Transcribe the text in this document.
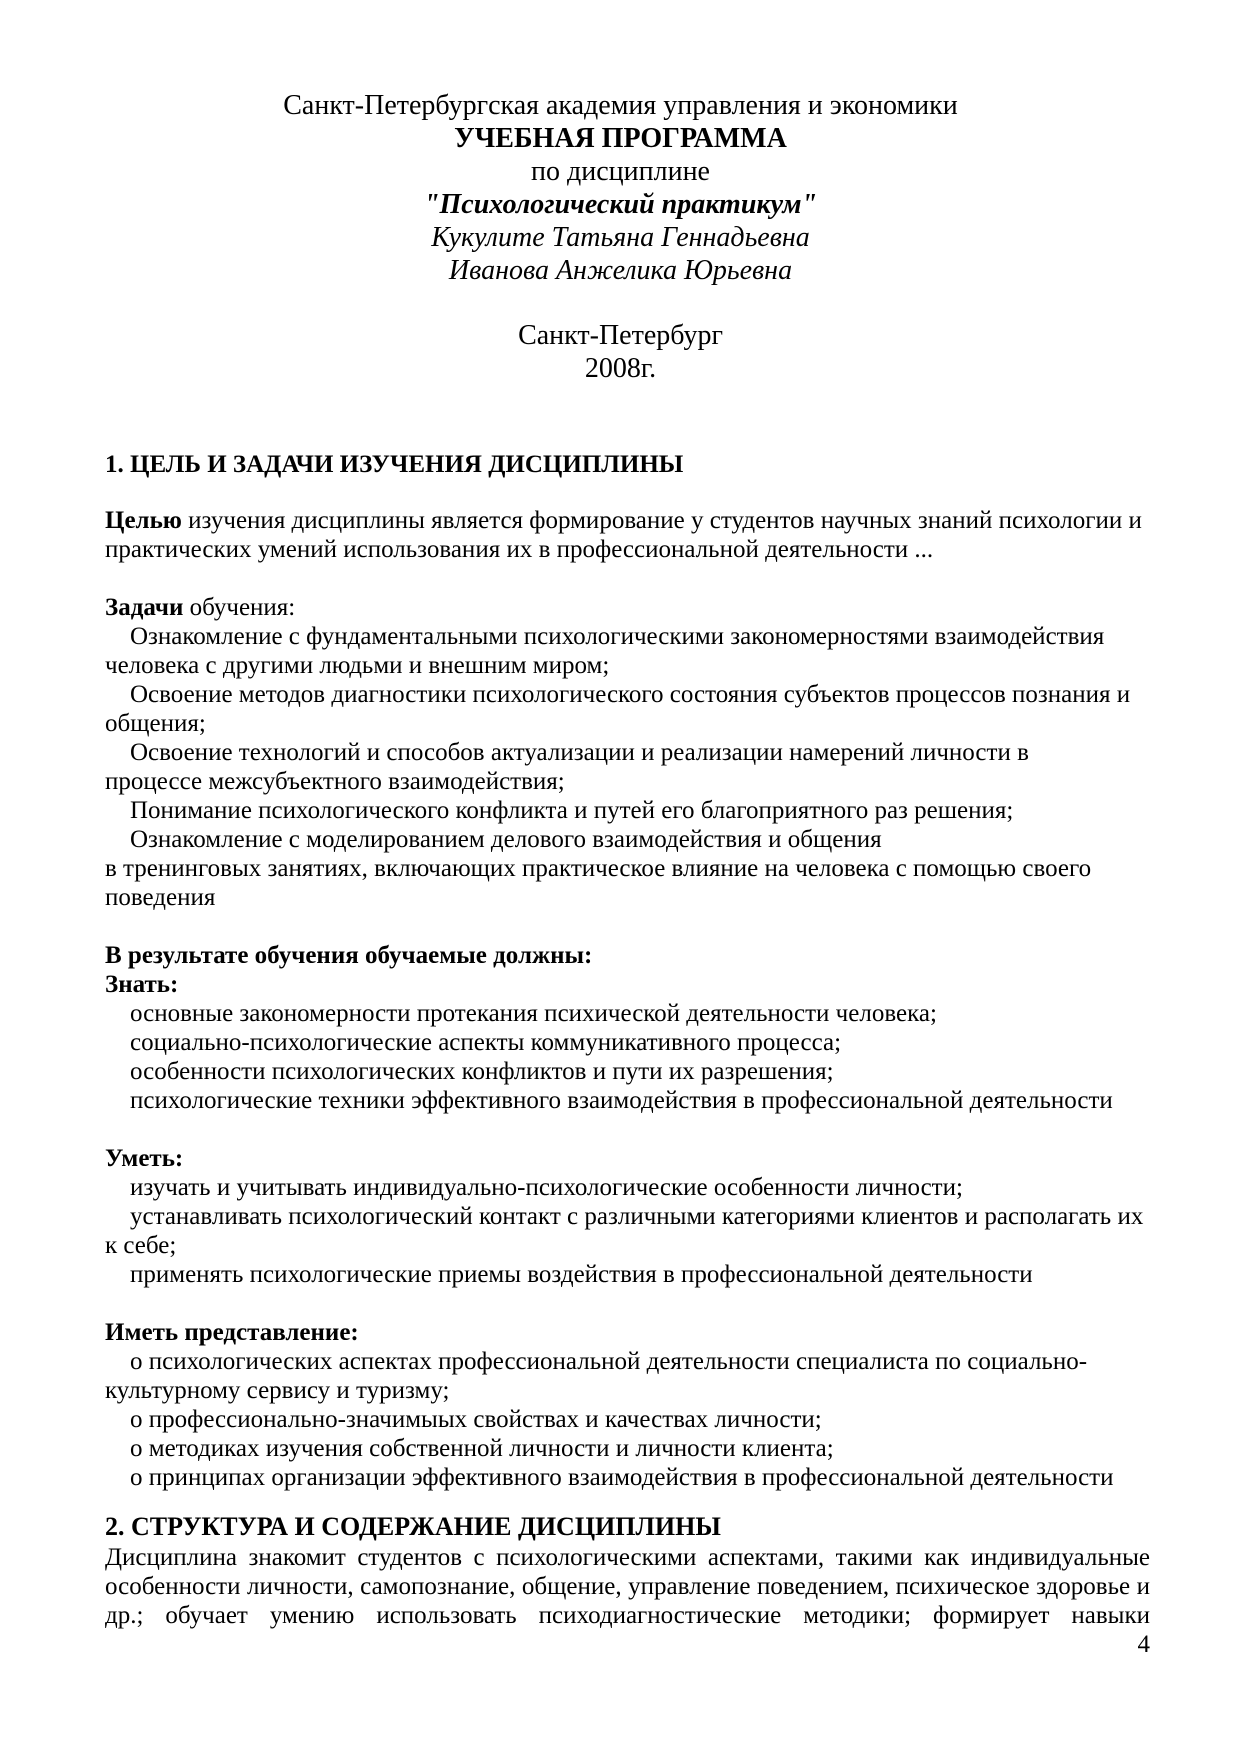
Санкт-Петербургская академия управления и экономики
УЧЕБНАЯ ПРОГРАММА
по дисциплине
"Психологический практикум"
Кукулите Татьяна Геннадьевна
Иванова Анжелика Юрьевна
Санкт-Петербург
2008г.
1. ЦЕЛЬ И ЗАДАЧИ ИЗУЧЕНИЯ ДИСЦИПЛИНЫ
Целью изучения дисциплины является формирование у студентов научных знаний психологии и
практических умений использования их в профессиональной деятельности ...
Задачи обучения:
Ознакомление с фундаментальными психологическими закономерностями взаимодействия
человека с другими людьми и внешним миром;
Освоение методов диагностики психологического состояния субъектов процессов познания и
общения;
Освоение технологий и способов актуализации и реализации намерений личности в
процессе межсубъектного взаимодействия;
Понимание психологического конфликта и путей его благоприятного раз решения;
Ознакомление с моделированием делового взаимодействия и общения
в тренинговых занятиях, включающих практическое влияние на человека с помощью своего
поведения
В результате обучения обучаемые должны:
Знать:
основные закономерности протекания психической деятельности человека;
социально-психологические аспекты коммуникативного процесса;
особенности психологических конфликтов и пути их разрешения;
психологические техники эффективного взаимодействия в профессиональной деятельности
Уметь:
изучать и учитывать индивидуально-психологические особенности личности;
устанавливать психологический контакт с различными категориями клиентов и располагать их
к себе;
применять психологические приемы воздействия в профессиональной деятельности
Иметь представление:
о психологических аспектах профессиональной деятельности специалиста по социально-
культурному сервису и туризму;
о профессионально-значимыых свойствах и качествах личности;
о методиках изучения собственной личности и личности клиента;
о принципах организации эффективного взаимодействия в профессиональной деятельности
2. СТРУКТУРА И СОДЕРЖАНИЕ ДИСЦИПЛИНЫ
Дисциплина знакомит студентов с психологическими аспектами, такими как индивидуальные
особенности личности, самопознание, общение, управление поведением, психическое здоровье и
др.; обучает умению использовать психодиагностические методики; формирует навыки
4
